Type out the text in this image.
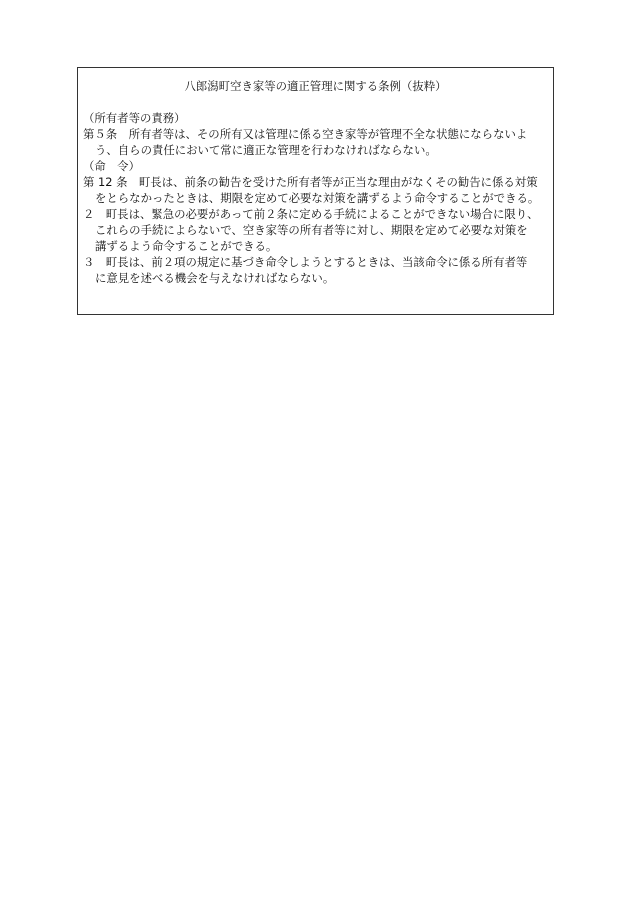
八郎潟町空き家等の適正管理に関する条例（抜粋）
（所有者等の責務）
第５条　所有者等は、その所有又は管理に係る空き家等が管理不全な状態にならないよ
う、自らの責任において常に適正な管理を行わなければならない。
（命　令）
第 12 条　町長は、前条の勧告を受けた所有者等が正当な理由がなくその勧告に係る対策
をとらなかったときは、期限を定めて必要な対策を講ずるよう命令することができる。
２　町長は、緊急の必要があって前２条に定める手続によることができない場合に限り、
これらの手続によらないで、空き家等の所有者等に対し、期限を定めて必要な対策を
講ずるよう命令することができる。
３　町長は、前２項の規定に基づき命令しようとするときは、当該命令に係る所有者等
に意見を述べる機会を与えなければならない。
